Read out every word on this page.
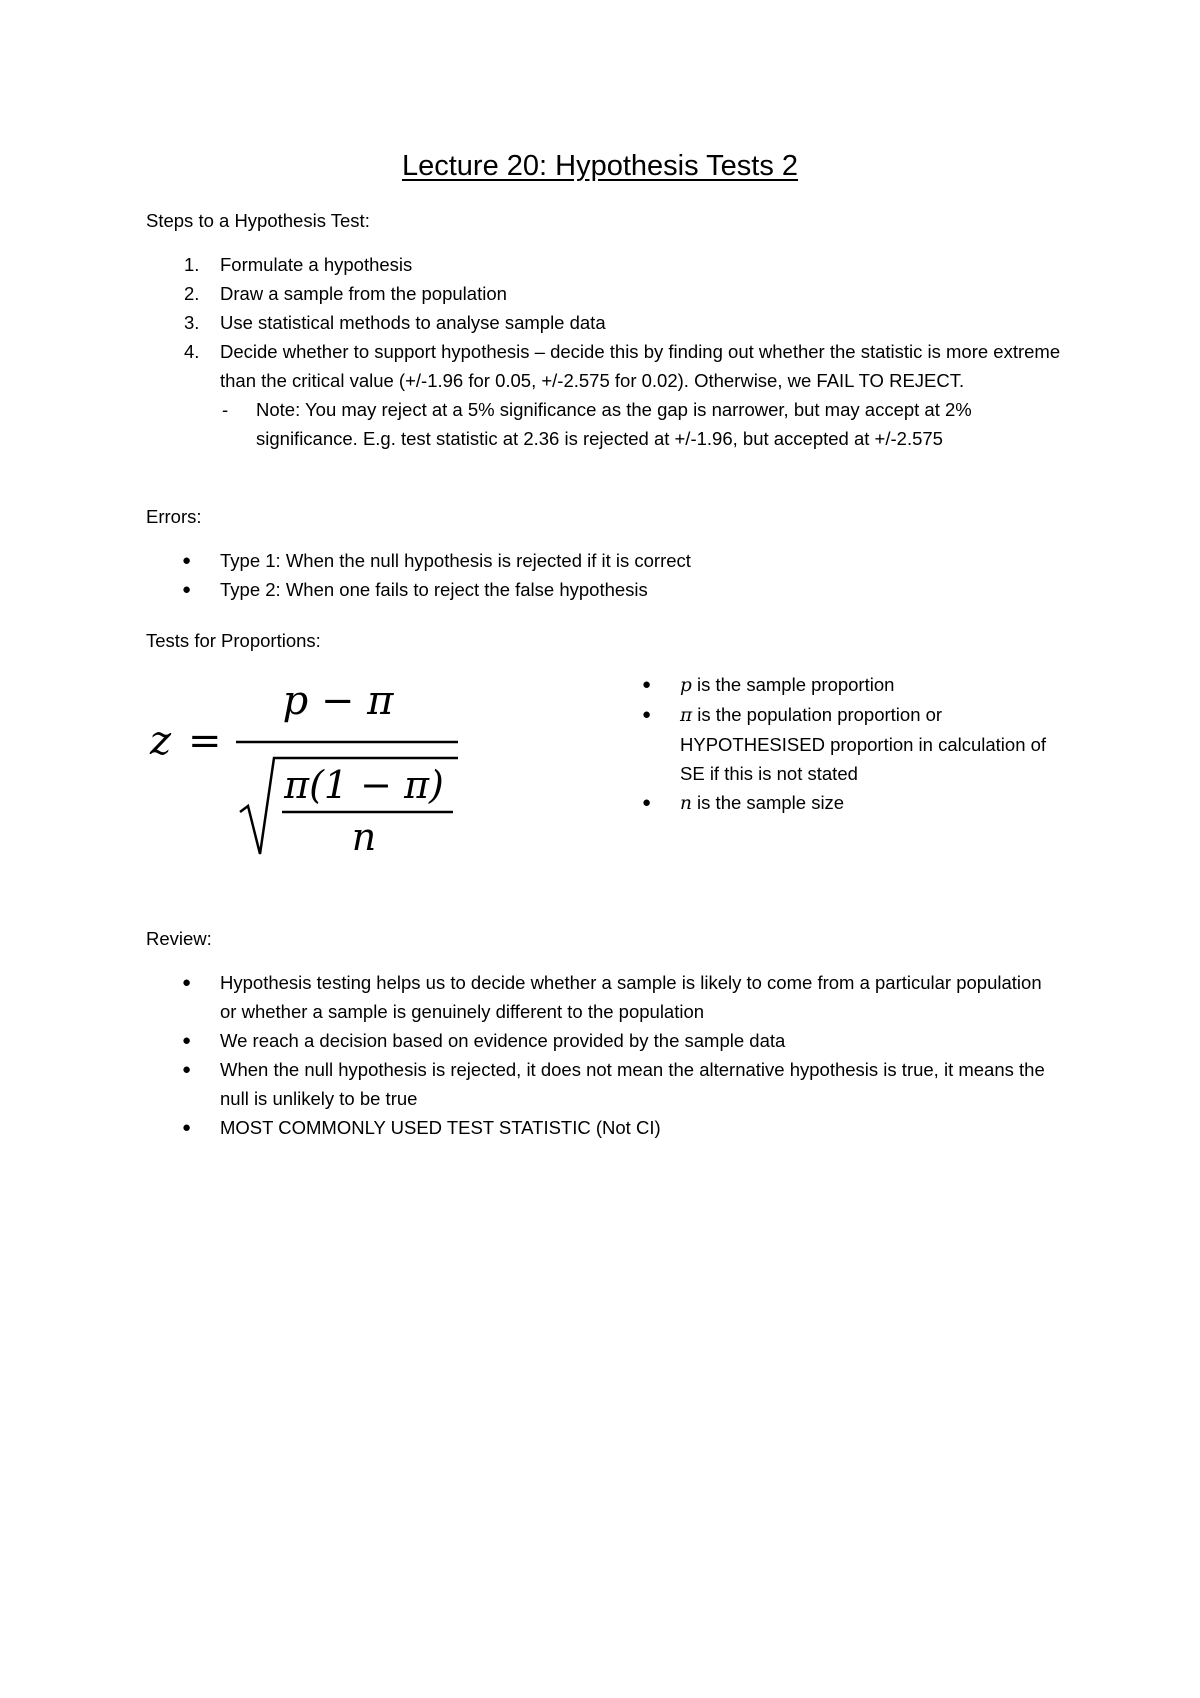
Lecture 20: Hypothesis Tests 2

Steps to a Hypothesis Test:

1. Formulate a hypothesis
2. Draw a sample from the population
3. Use statistical methods to analyse sample data
4. Decide whether to support hypothesis – decide this by finding out whether the statistic is more extreme than the critical value (+/-1.96 for 0.05, +/-2.575 for 0.02). Otherwise, we FAIL TO REJECT.
- Note: You may reject at a 5% significance as the gap is narrower, but may accept at 2% significance. E.g. test statistic at 2.36 is rejected at +/-1.96, but accepted at +/-2.575

Errors:

● Type 1: When the null hypothesis is rejected if it is correct
● Type 2: When one fails to reject the false hypothesis

Tests for Proportions:

z =
p − π
π(1 − π)
n
● p is the sample proportion
● π is the population proportion or HYPOTHESISED proportion in calculation of SE if this is not stated
● n is the sample size

Review:

● Hypothesis testing helps us to decide whether a sample is likely to come from a particular population or whether a sample is genuinely different to the population
● We reach a decision based on evidence provided by the sample data
● When the null hypothesis is rejected, it does not mean the alternative hypothesis is true, it means the null is unlikely to be true
● MOST COMMONLY USED TEST STATISTIC (Not CI)
